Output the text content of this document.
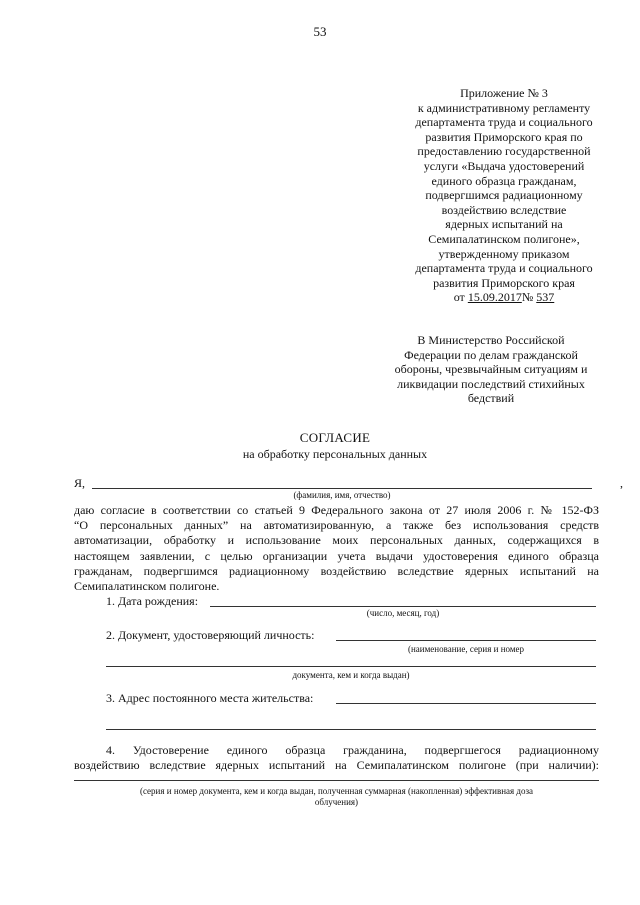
53
Приложение № 3
к административному регламенту
департамента труда и социального
развития Приморского края по
предоставлению государственной
услуги «Выдача удостоверений
единого образца гражданам,
подвергшимся радиационному
воздействию вследствие
ядерных испытаний на
Семипалатинском полигоне»,
утвержденному приказом
департамента труда и социального
развития Приморского края
от 15.09.2017№ 537
В Министерство Российской
Федерации по делам гражданской
обороны, чрезвычайным ситуациям и
ликвидации последствий стихийных
бедствий
СОГЛАСИЕ
на обработку персональных данных
Я,	,
(фамилия, имя, отчество)
даю согласие в соответствии со статьей 9 Федерального закона от 27 июля 2006 г. № 152-ФЗ
“О персональных данных” на автоматизированную, а также без использования средств
автоматизации, обработку и использование моих персональных данных, содержащихся в
настоящем заявлении, с целью организации учета выдачи удостоверения единого образца
гражданам, подвергшимся радиационному воздействию вследствие ядерных испытаний на
Семипалатинском полигоне.
1. Дата рождения:
(число, месяц, год)
2. Документ, удостоверяющий личность:
(наименование, серия и номер
документа, кем и когда выдан)
3. Адрес постоянного места жительства:
4. Удостоверение единого образца гражданина, подвергшегося радиационному
воздействию вследствие ядерных испытаний на Семипалатинском полигоне (при наличии):
(серия и номер документа, кем и когда выдан, полученная суммарная (накопленная) эффективная доза
облучения)
